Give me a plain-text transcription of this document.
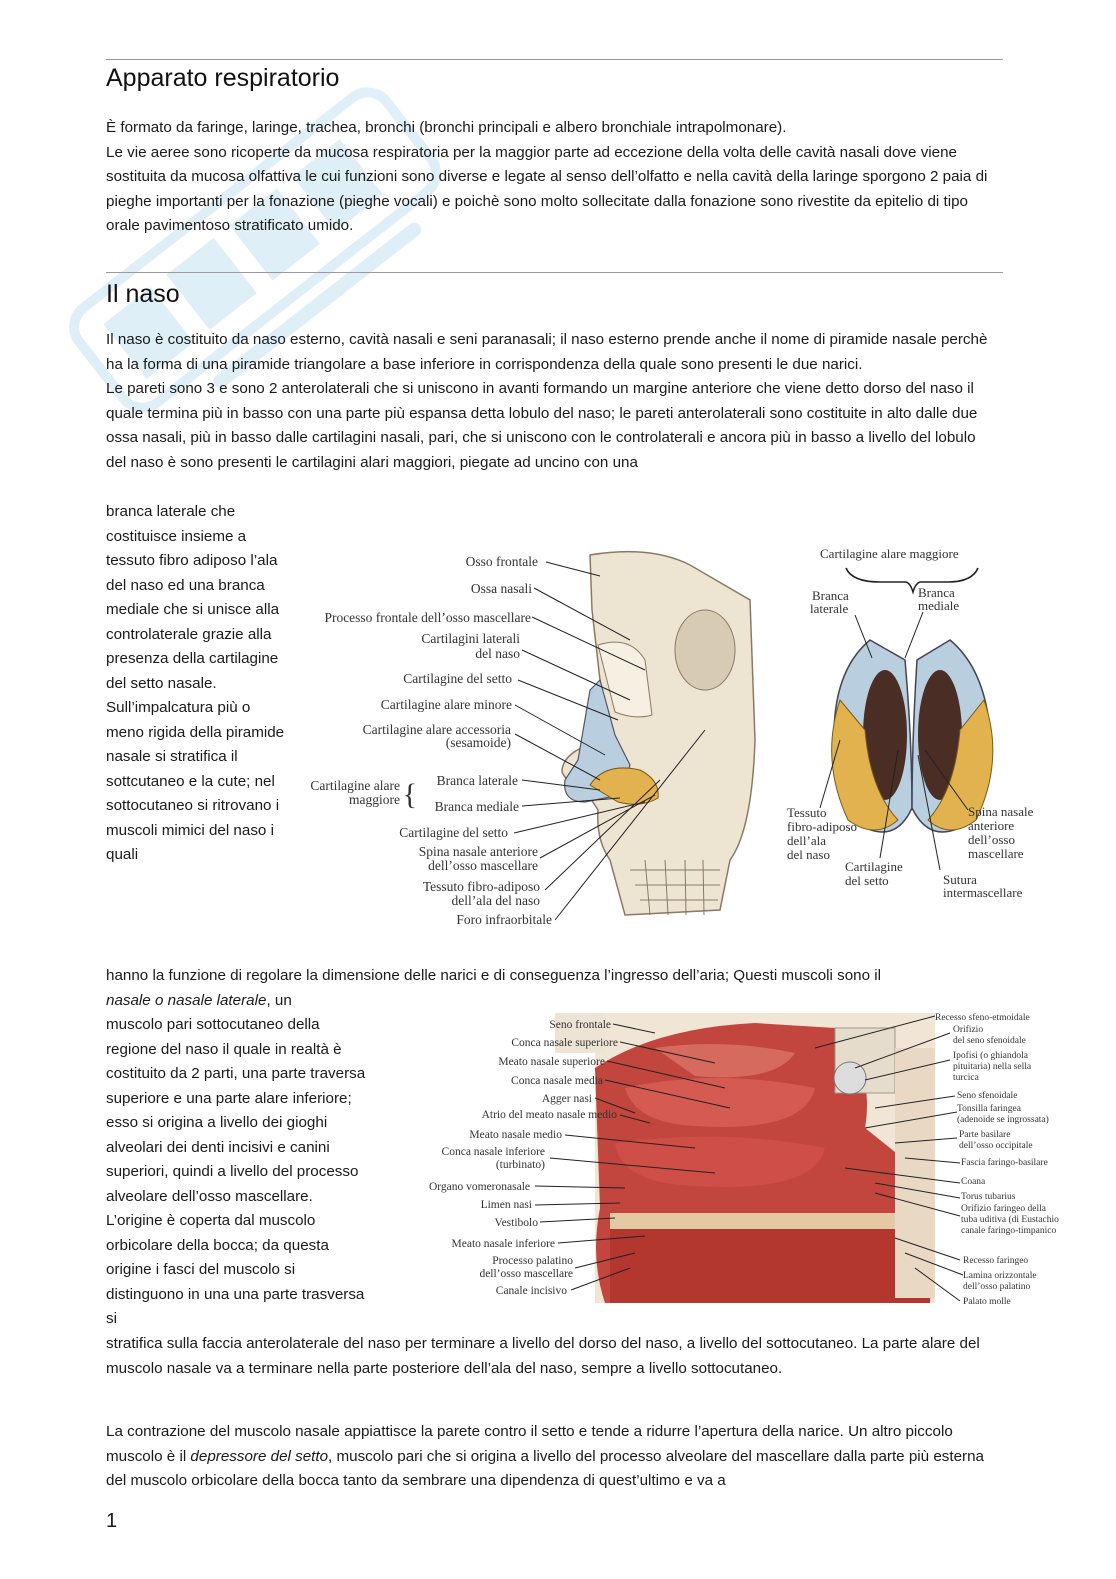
Apparato respiratorio

È formato da faringe, laringe, trachea, bronchi (bronchi principali e albero bronchiale intrapolmonare).
Le vie aeree sono ricoperte da mucosa respiratoria per la maggior parte ad eccezione della volta delle cavità nasali dove viene sostituita da mucosa olfattiva le cui funzioni sono diverse e legate al senso dell’olfatto e nella cavità della laringe sporgono 2 paia di pieghe importanti per la fonazione (pieghe vocali) e poichè sono molto sollecitate dalla fonazione sono rivestite da epitelio di tipo orale pavimentoso stratificato umido.

Il naso

Il naso è costituito da naso esterno, cavità nasali e seni paranasali; il naso esterno prende anche il nome di piramide nasale perchè ha la forma di una piramide triangolare a base inferiore in corrispondenza della quale sono presenti le due narici.
Le pareti sono 3 e sono 2 anterolaterali che si uniscono in avanti formando un margine anteriore che viene detto dorso del naso il quale termina più in basso con una parte più espansa detta lobulo del naso; le pareti anterolaterali sono costituite in alto dalle due ossa nasali, più in basso dalle cartilagini nasali, pari, che si uniscono con le controlaterali e ancora più in basso a livello del lobulo del naso è sono presenti le cartilagini alari maggiori, piegate ad uncino con una

branca laterale che costituisce insieme a tessuto fibro adiposo l’ala del naso ed una branca mediale che si unisce alla controlaterale grazie alla presenza della cartilagine del setto nasale. Sull’impalcatura più o meno rigida della piramide nasale si stratifica il sottcutaneo e la cute; nel sottocutaneo si ritrovano i muscoli mimici del naso i quali

Osso frontale
Ossa nasali
Processo frontale dell’osso mascellare
Cartilagini laterali
del naso
Cartilagine del setto
Cartilagine alare minore
Cartilagine alare accessoria
(sesamoide)
Cartilagine alare
maggiore
Branca laterale
Branca mediale
Cartilagine del setto
Spina nasale anteriore
dell’osso mascellare
Tessuto fibro-adiposo
dell’ala del naso
Foro infraorbitale
{
Cartilagine alare maggiore
Branca
laterale
Branca
mediale
Tessuto
fibro-adiposo
dell’ala
del naso
Cartilagine
del setto	Sutura
intermascellare
Spina nasale
anteriore
dell’osso
mascellare

hanno la funzione di regolare la dimensione delle narici e di conseguenza l’ingresso dell’aria; Questi muscoli sono il
nasale o nasale laterale, un

muscolo pari sottocutaneo della regione del naso il quale in realtà è costituito da 2 parti, una parte traversa superiore e una parte alare inferiore; esso si origina a livello dei gioghi alveolari dei denti incisivi e canini superiori, quindi a livello del processo alveolare dell’osso mascellare. L’origine è coperta dal muscolo orbicolare della bocca; da questa origine i fasci del muscolo si distinguono in una una parte trasversa si

Seno frontale
Conca nasale superiore
Meato nasale superiore
Conca nasale media
Agger nasi
Atrio del meato nasale medio
Meato nasale medio
Conca nasale inferiore
(turbinato)
Organo vomeronasale
Limen nasi
Vestibolo
Meato nasale inferiore
Processo palatino
dell’osso mascellare
Canale incisivo
Recesso sfeno-etmoidale
Orifizio
del seno sfenoidale
Ipofisi (o ghiandola
pituitaria) nella sella
turcica
Seno sfenoidale
Tonsilla faringea
(adenoide se ingrossata)
Parte basilare
dell’osso occipitale
Fascia faringo-basilare
Coana
Torus tubarius
Orifizio faringeo della
tuba uditiva (di Eustachio
canale faringo-timpanico
Recesso faringeo
Lamina orizzontale
dell’osso palatino
Palato molle

stratifica sulla faccia anterolaterale del naso per terminare a livello del dorso del naso, a livello del sottocutaneo. La parte alare del muscolo nasale va a terminare nella parte posteriore dell’ala del naso, sempre a livello sottocutaneo.

La contrazione del muscolo nasale appiattisce la parete contro il setto e tende a ridurre l’apertura della narice. Un altro piccolo muscolo è il depressore del setto, muscolo pari che si origina a livello del processo alveolare del mascellare dalla parte più esterna del muscolo orbicolare della bocca tanto da sembrare una dipendenza di quest’ultimo e va a

1
